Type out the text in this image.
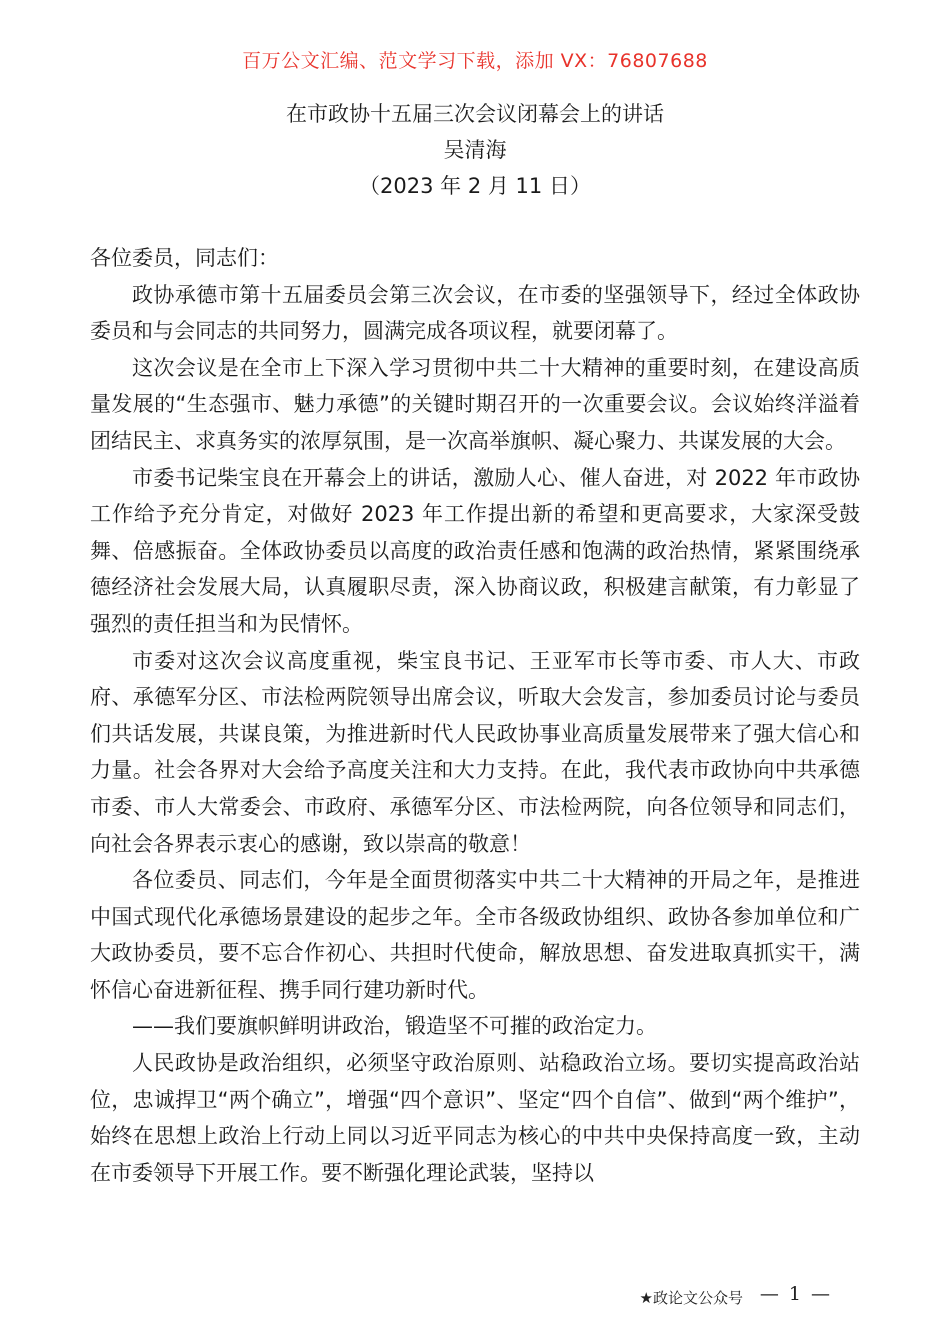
百万公文汇编、范文学习下载，添加 VX：76807688
在市政协十五届三次会议闭幕会上的讲话
吴清海
（2023 年 2 月 11 日）

各位委员，同志们：

政协承德市第十五届委员会第三次会议，在市委的坚强领导下，经过全体政协委员和与会同志的共同努力，圆满完成各项议程，就要闭幕了。

这次会议是在全市上下深入学习贯彻中共二十大精神的重要时刻，在建设高质量发展的“生态强市、魅力承德”的关键时期召开的一次重要会议。会议始终洋溢着团结民主、求真务实的浓厚氛围，是一次高举旗帜、凝心聚力、共谋发展的大会。

市委书记柴宝良在开幕会上的讲话，激励人心、催人奋进，对 2022 年市政协工作给予充分肯定，对做好 2023 年工作提出新的希望和更高要求，大家深受鼓舞、倍感振奋。全体政协委员以高度的政治责任感和饱满的政治热情，紧紧围绕承德经济社会发展大局，认真履职尽责，深入协商议政，积极建言献策，有力彰显了强烈的责任担当和为民情怀。

市委对这次会议高度重视，柴宝良书记、王亚军市长等市委、市人大、市政府、承德军分区、市法检两院领导出席会议，听取大会发言，参加委员讨论与委员们共话发展，共谋良策，为推进新时代人民政协事业高质量发展带来了强大信心和力量。社会各界对大会给予高度关注和大力支持。在此，我代表市政协向中共承德市委、市人大常委会、市政府、承德军分区、市法检两院，向各位领导和同志们，向社会各界表示衷心的感谢，致以崇高的敬意！

各位委员、同志们，今年是全面贯彻落实中共二十大精神的开局之年，是推进中国式现代化承德场景建设的起步之年。全市各级政协组织、政协各参加单位和广大政协委员，要不忘合作初心、共担时代使命，解放思想、奋发进取真抓实干，满怀信心奋进新征程、携手同行建功新时代。

——我们要旗帜鲜明讲政治，锻造坚不可摧的政治定力。

人民政协是政治组织，必须坚守政治原则、站稳政治立场。要切实提高政治站位，忠诚捍卫“两个确立”，增强“四个意识”、坚定“四个自信”、做到“两个维护”，始终在思想上政治上行动上同以习近平同志为核心的中共中央保持高度一致，主动在市委领导下开展工作。要不断强化理论武装，坚持以

★政论文公众号 — 1 —
